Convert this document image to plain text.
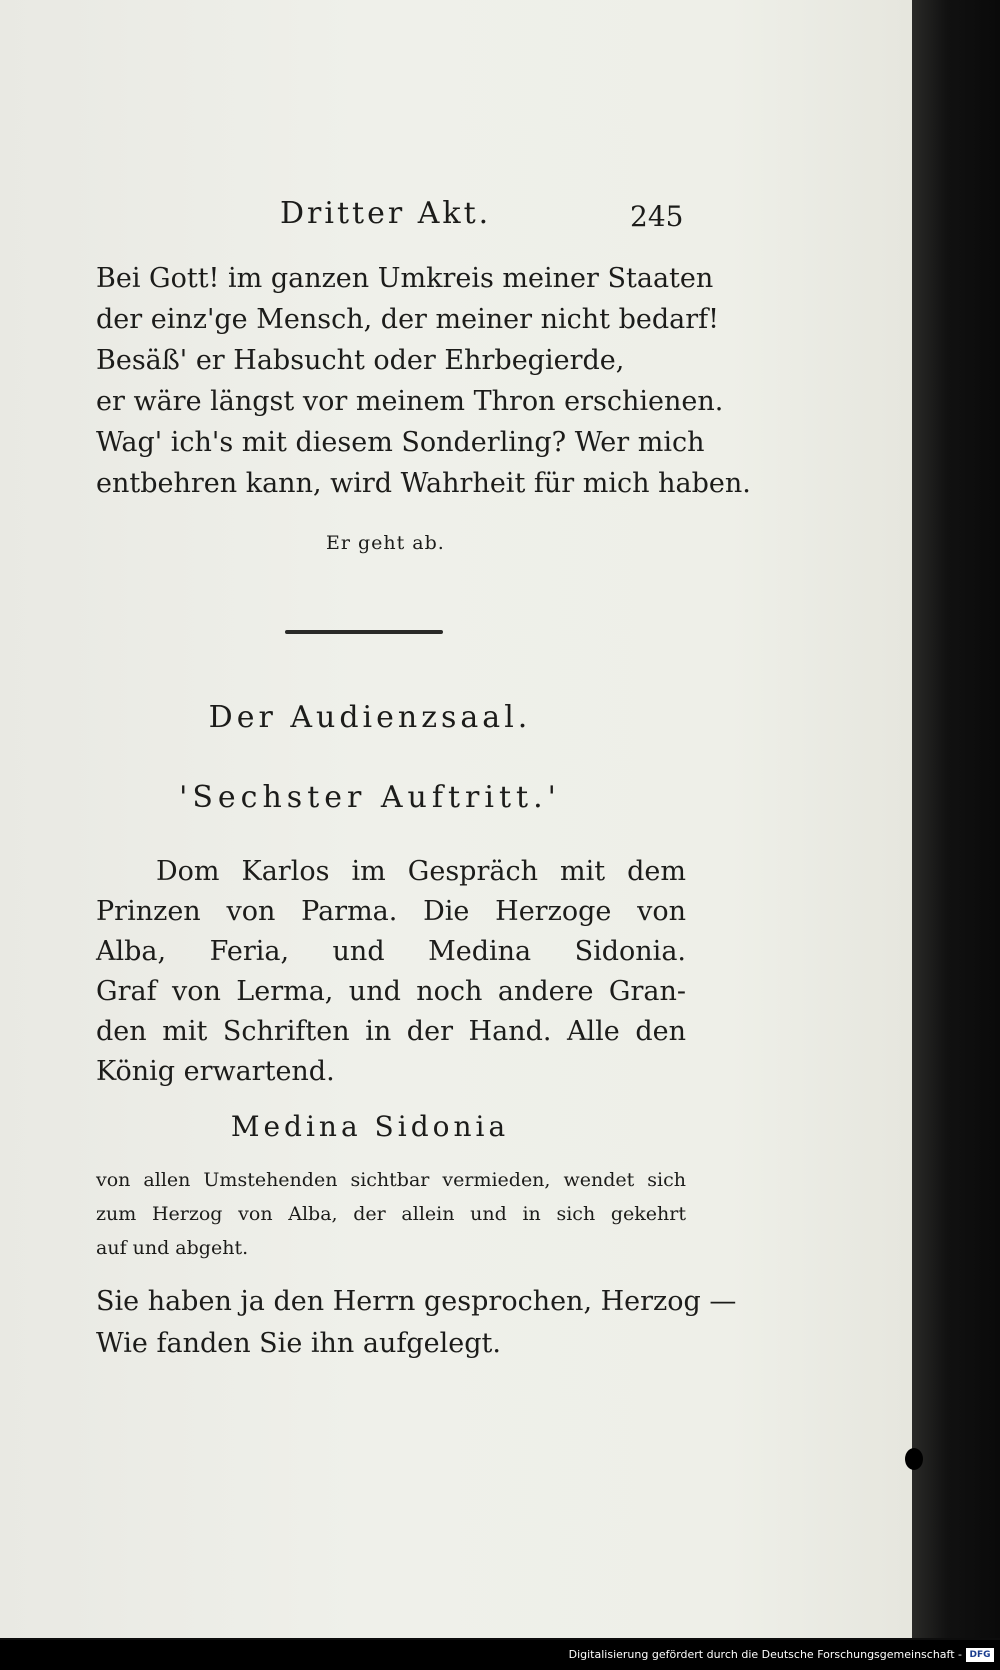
Dritter Akt.	245
Bei Gott! im ganzen Umkreis meiner Staaten
der einz'ge Mensch, der meiner nicht bedarf!
Besäß' er Habsucht oder Ehrbegierde,
er wäre längst vor meinem Thron erschienen.
Wag' ich's mit diesem Sonderling? Wer mich
entbehren kann, wird Wahrheit für mich haben.
Er geht ab.
Der Audienzsaal.
'Sechster Auftritt.'
Dom Karlos im Gespräch mit dem
Prinzen von Parma. Die Herzoge von
Alba, Feria, und Medina Sidonia.
Graf von Lerma, und noch andere Gran-
den mit Schriften in der Hand. Alle den
König erwartend.
Medina Sidonia
von allen Umstehenden sichtbar vermieden, wendet sich
zum Herzog von Alba, der allein und in sich gekehrt
auf und abgeht.
Sie haben ja den Herrn gesprochen, Herzog —
Wie fanden Sie ihn aufgelegt.
Digitalisierung gefördert durch die Deutsche Forschungsgemeinschaft - DFG
